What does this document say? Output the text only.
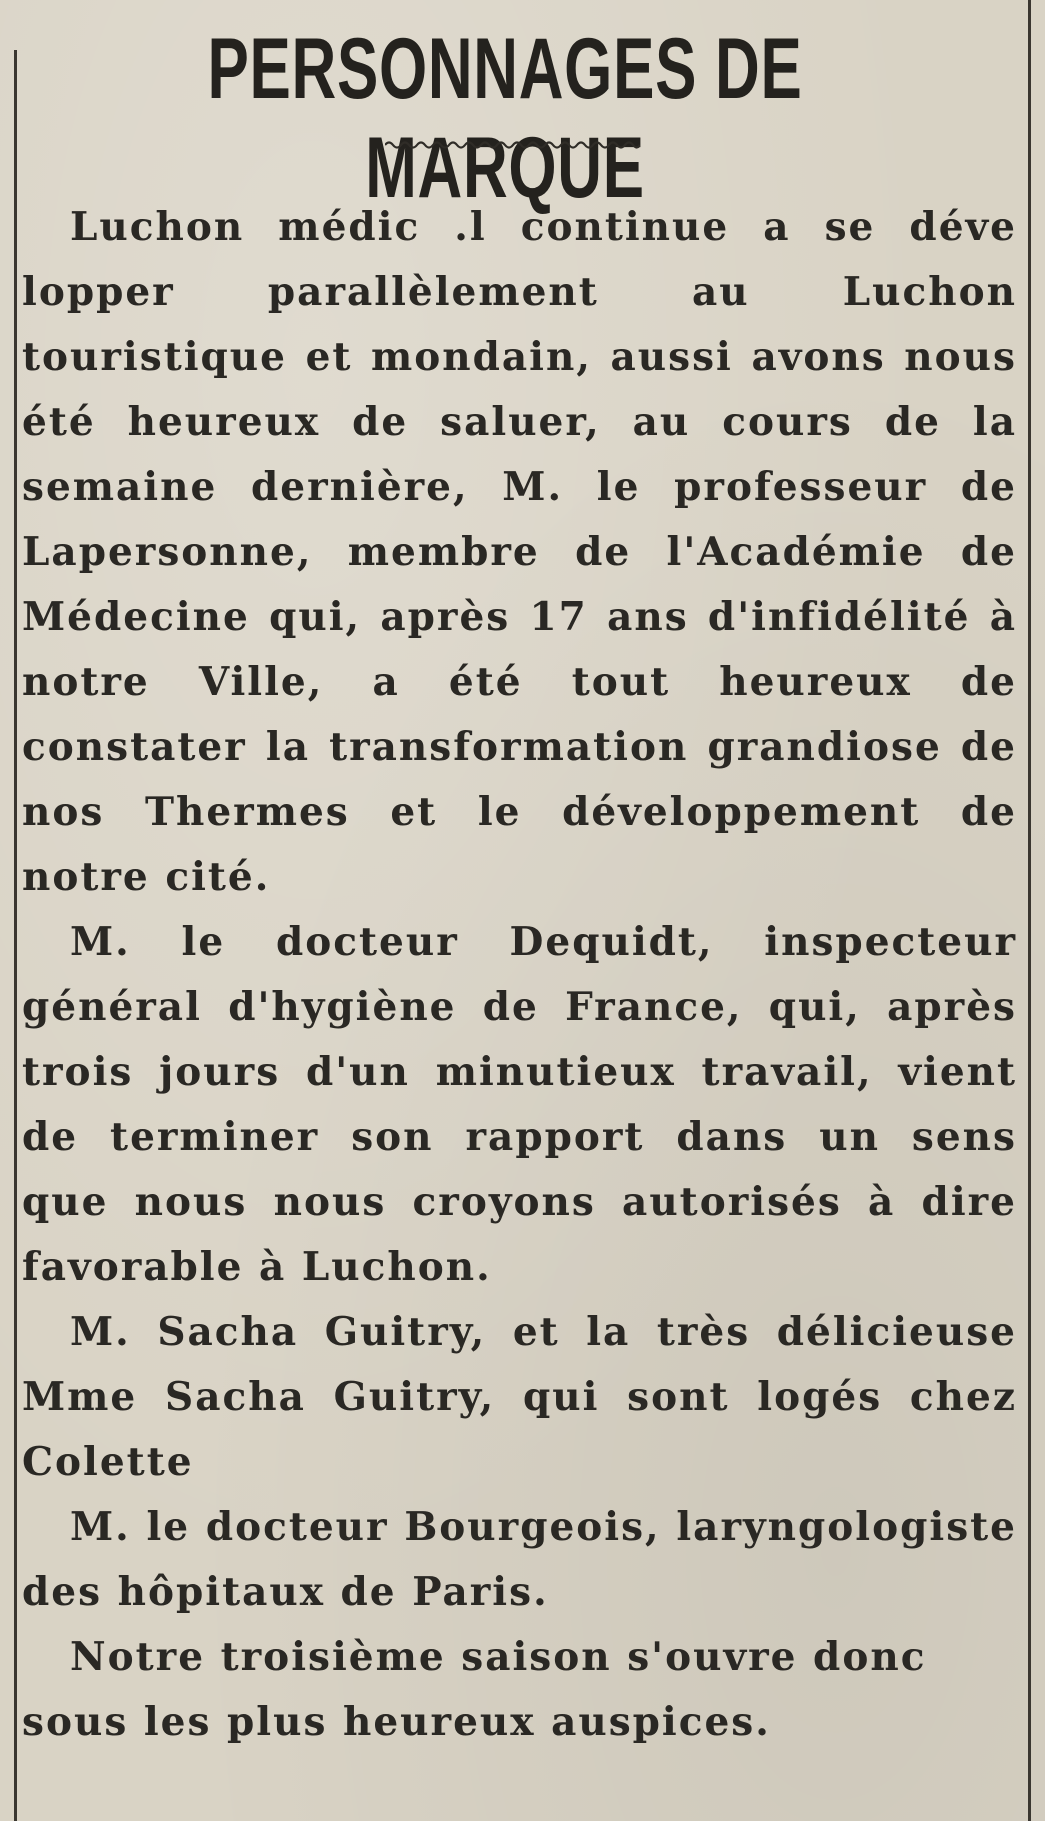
PERSONNAGES DE MARQUE

Luchon médic .l continue a se déve lopper parallèlement au Luchon touristique et mondain, aussi avons nous été heureux de saluer, au cours de la semaine dernière, M. le professeur de Lapersonne, membre de l'Académie de Médecine qui, après 17 ans d'infidélité à notre Ville, a été tout heureux de constater la transformation grandiose de nos Thermes et le développement de notre cité.

M. le docteur Dequidt, inspecteur général d'hygiène de France, qui, après trois jours d'un minutieux travail, vient de terminer son rapport dans un sens que nous nous croyons autorisés à dire favorable à Luchon.

M. Sacha Guitry, et la très délicieuse Mme Sacha Guitry, qui sont logés chez Colette

M. le docteur Bourgeois, laryngologiste des hôpitaux de Paris.

Notre troisième saison s'ouvre donc sous les plus heureux auspices.
